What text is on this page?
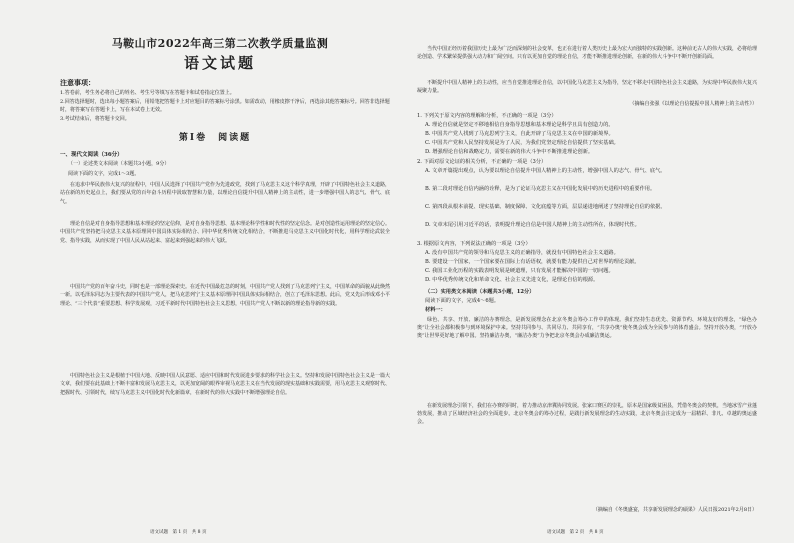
马鞍山市2022年高三第二次教学质量监测
语文试题
注意事项：
1.答卷前，考生务必将自己的姓名、考生号等填写在答题卡和试卷指定位置上。
2.回答选择题时，选出每小题答案后，用铅笔把答题卡上对应题目的答案标号涂黑。如需改动，用橡皮擦干净后，再选涂其他答案标号。回答非选择题时，将答案写在答题卡上，写在本试卷上无效。
3.考试结束后，将答题卡交回。
第Ⅰ卷　阅读题
一、现代文阅读（36分）
（一）论述类文本阅读（本题共3小题，9分）
阅读下面的文字，完成1～3题。
在追求中华民族伟大复兴的征程中，中国人民选择了中国共产党作为先进政党，找到了马克思主义这个科学真理，开辟了中国特色社会主义道路，站在新的历史起点上，我们要从党的百年奋斗历程中汲取智慧和力量，以理论自信提升中国人精神上的主动性，进一步增强中国人的志气、骨气、底气。
理论自信是对自身指导思想和基本理论的坚定信仰，是对自身指导思想、基本理论科学性和时代性的坚定信念。是对创造性运用理论的坚定信心。中国共产党坚持把马克思主义基本原理同中国具体实际相结合、同中华优秀传统文化相结合，不断推进马克思主义中国化时代化，用科学理论武装全党、指导实践，从而实现了中国人民从站起来、富起来到强起来的伟大飞跃。
中国共产党的百年奋斗史，同时也是一部理论探索史。在近代中国最危急的时刻，中国共产党人找到了马克思列宁主义，中国革命的面貌从此焕然一新。以毛泽东同志为主要代表的中国共产党人，把马克思列宁主义基本原理同中国具体实际相结合，创立了毛泽东思想。此后，党又先后形成邓小平理论、“三个代表”重要思想、科学发展观，习近平新时代中国特色社会主义思想，中国共产党人不断以新的理论指导新的实践。
中国特色社会主义是根植于中国大地、反映中国人民意愿、适应中国和时代发展进步要求的科学社会主义。坚持和发展中国特色社会主义是一篇大文章，我们要在此基础上不断丰富和发展马克思主义，以更加宽阔的眼界审视马克思主义在当代发展的现实基础和实践需要，用马克思主义观察时代、把握时代、引领时代，续写马克思主义中国化时代化新篇章，在新时代的伟大实践中不断增强理论自信。
语文试题　第 1 页　共 8 页
当代中国正经历着我国历史上最为广泛而深刻的社会变革，也正在进行着人类历史上最为宏大而独特的实践创新。这种前无古人的伟大实践，必将给理论创造、学术繁荣提供强大动力和广阔空间。只有以更加自觉的理论自信，才能不断推进理论创新，在新的伟大斗争中不断开创新局面。
不断提升中国人精神上的主动性，应当自觉推进理论自信，以中国化马克思主义为指导，坚定不移走中国特色社会主义道路，为实现中华民族伟大复兴凝聚力量。
（摘编自张强《以理论自信提振中国人精神上的主动性》）
1. 下列关于原文内容的理解和分析，不正确的一项是（3分）
A. 理论自信就是坚定不移地相信自身指导思想和基本理论是科学且具有创造力的。
B. 中国共产党人找到了马克思列宁主义，自此开辟了马克思主义在中国的新境界。
C. 中国共产党和人民坚持发展是为了人民，为我们党坚定理论自信提供了坚实基础。
D. 增强理论自信和战略定力，需要在新的伟大斗争中不断推进理论创新。
2. 下面对原文论证的相关分析，不正确的一项是（3分）
A. 文章开篇提出观点，认为要以理论自信提升中国人精神上的主动性，增强中国人的志气、骨气、底气。
B. 第二段对理论自信内涵的诠释，是为了论证马克思主义在中国化发展中的历史进程中的重要作用。
C. 第四段从根本前提、现实基础、制度保障、文化底蕴等方面，层层递进地阐述了坚持理论自信的依据。
D. 文章末尾引用习近平的话，表明提升理论自信是中国人精神上的主动性所在，体现时代性。
3. 根据原文内容，下列说法正确的一项是（3分）
A. 没有中国共产党的领导和马克思主义的正确指导，就没有中国特色社会主义道路。
B. 要建设一个国家，一个国家要在国际上有话语权，就要有能力提供自己对世界的理论贡献。
C. 我国工业化历程的实践表明发展是硬道理，只有发展才能解决中国的一切问题。
D. 中华优秀传统文化和革命文化、社会主义先进文化，是理论自信的根源。
（二）实用类文本阅读（本题共3小题，12分）
阅读下面的文字，完成4～6题。
材料一：
绿色、共享、开放、廉洁的办赛理念，是新发展理念在北京冬奥会筹办工作中的体现。我们坚持生态优先、资源节约、环境友好的理念，“绿色办奥”让全社会都积极参与到环境保护中来。坚持共同参与、共同尽力、共同享有，“共享办奥”使冬奥会成为全民参与的体育盛会。坚持开放办奥，“开放办奥”让世界更好地了解中国。坚持廉洁办奥，“廉洁办奥”力争把北京冬奥会办成廉洁奥运。
在新发展理念引领下，我们在办赛的同时，着力推动京津冀协同发展。张家口赛区的崇礼，原本是国家级贫困县，凭借冬奥会的契机，当地冰雪产业蓬勃发展，推动了区域经济社会的全面进步。北京冬奥会的筹办过程，是践行新发展理念的生动实践，北京冬奥会注定成为一届精彩、非凡、卓越的奥运盛会。
（摘编自《冬奥盛宴，共享新发展理念的硕果》人民日报2021年2月8日）
语文试题　第 2 页　共 8 页
